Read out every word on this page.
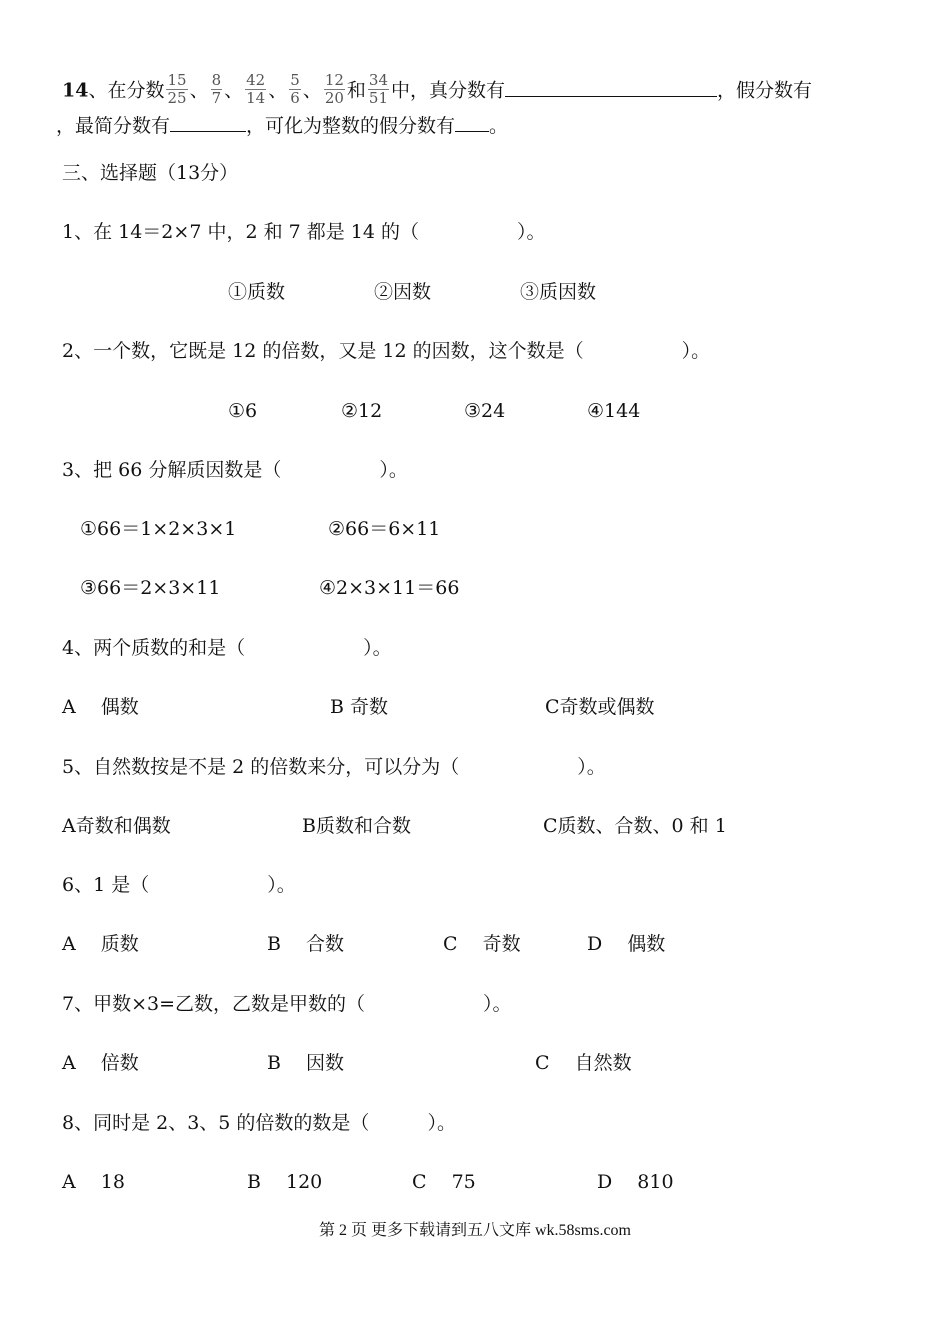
14、在分数 $\frac{15}{25}$ 、 $\frac{8}{7}$ 、 $\frac{42}{14}$ 、 $\frac{5}{6}$ 、 $\frac{12}{20}$ 和 $\frac{34}{51}$ 中，真分数有	，假分数有
，最简分数有	，可化为整数的假分数有 。
三、选择题（13分）
1、在 14＝2×7 中，2 和 7 都是 14 的（	）。
①质数	②因数	③质因数
2、一个数，它既是 12 的倍数，又是 12 的因数，这个数是（	）。
①6	②12	③24	④144
3、把 66 分解质因数是（	）。
①66＝1×2×3×1	②66＝6×11
③66＝2×3×11	④2×3×11＝66
4、两个质数的和是（	）。
A　 偶数	B 奇数	C奇数或偶数
5、自然数按是不是 2 的倍数来分，可以分为（	）。
A奇数和偶数	B质数和合数	C质数、合数、0 和 1
6、1 是（	）。
A　 质数	B　 合数	C　 奇数	D　 偶数
7、甲数×3=乙数，乙数是甲数的（	）。
A　 倍数	B　 因数	C　 自然数
8、同时是 2、3、5 的倍数的数是（	）。
A　 18	B　 120	C　 75	D　 810
第 2 页 更多下载请到五八文库 wk.58sms.com
